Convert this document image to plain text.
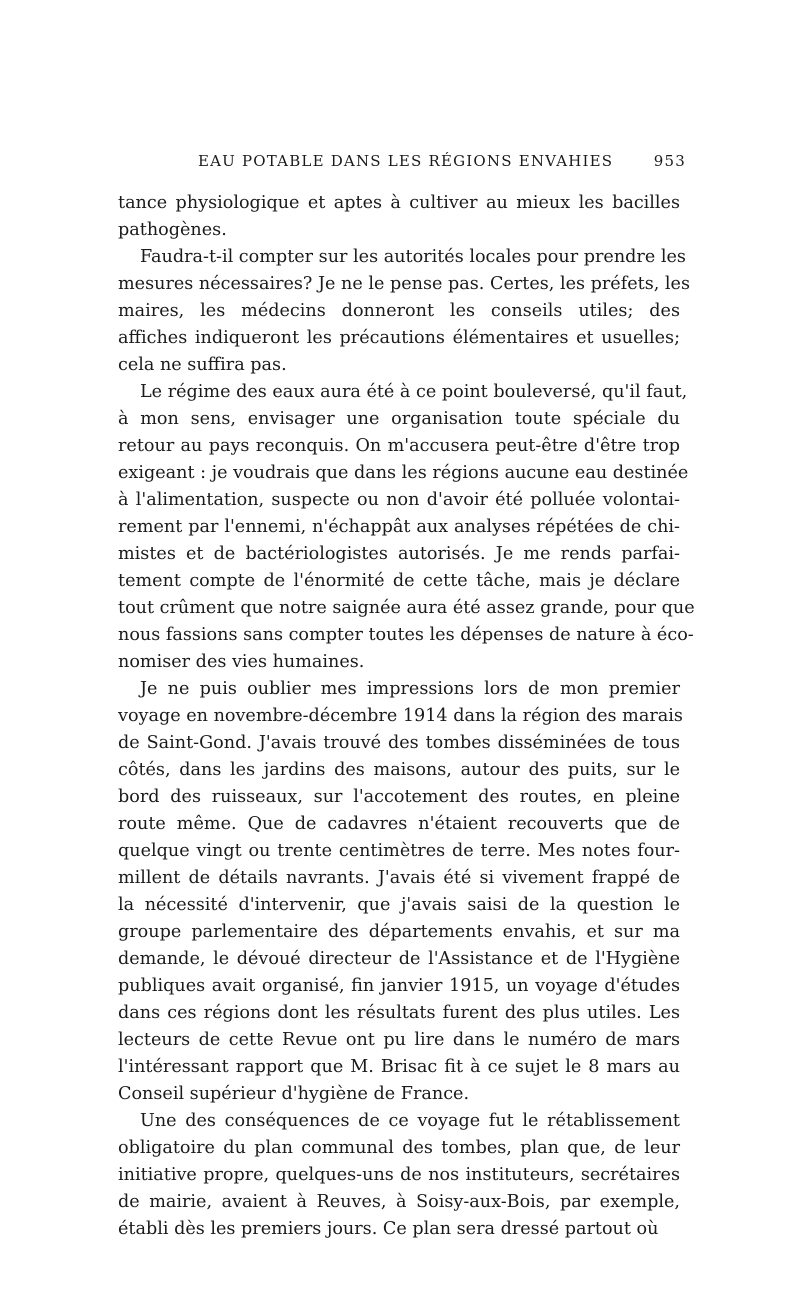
EAU POTABLE DANS LES RÉGIONS ENVAHIES	953
tance physiologique et aptes à cultiver au mieux les bacilles
pathogènes.
Faudra-t-il compter sur les autorités locales pour prendre les
mesures nécessaires? Je ne le pense pas. Certes, les préfets, les
maires, les médecins donneront les conseils utiles; des
affiches indiqueront les précautions élémentaires et usuelles;
cela ne suffira pas.
Le régime des eaux aura été à ce point bouleversé, qu'il faut,
à mon sens, envisager une organisation toute spéciale du
retour au pays reconquis. On m'accusera peut-être d'être trop
exigeant : je voudrais que dans les régions aucune eau destinée
à l'alimentation, suspecte ou non d'avoir été polluée volontai-
rement par l'ennemi, n'échappât aux analyses répétées de chi-
mistes et de bactériologistes autorisés. Je me rends parfai-
tement compte de l'énormité de cette tâche, mais je déclare
tout crûment que notre saignée aura été assez grande, pour que
nous fassions sans compter toutes les dépenses de nature à éco-
nomiser des vies humaines.
Je ne puis oublier mes impressions lors de mon premier
voyage en novembre-décembre 1914 dans la région des marais
de Saint-Gond. J'avais trouvé des tombes disséminées de tous
côtés, dans les jardins des maisons, autour des puits, sur le
bord des ruisseaux, sur l'accotement des routes, en pleine
route même. Que de cadavres n'étaient recouverts que de
quelque vingt ou trente centimètres de terre. Mes notes four-
millent de détails navrants. J'avais été si vivement frappé de
la nécessité d'intervenir, que j'avais saisi de la question le
groupe parlementaire des départements envahis, et sur ma
demande, le dévoué directeur de l'Assistance et de l'Hygiène
publiques avait organisé, fin janvier 1915, un voyage d'études
dans ces régions dont les résultats furent des plus utiles. Les
lecteurs de cette Revue ont pu lire dans le numéro de mars
l'intéressant rapport que M. Brisac fit à ce sujet le 8 mars au
Conseil supérieur d'hygiène de France.
Une des conséquences de ce voyage fut le rétablissement
obligatoire du plan communal des tombes, plan que, de leur
initiative propre, quelques-uns de nos instituteurs, secrétaires
de mairie, avaient à Reuves, à Soisy-aux-Bois, par exemple,
établi dès les premiers jours. Ce plan sera dressé partout où
